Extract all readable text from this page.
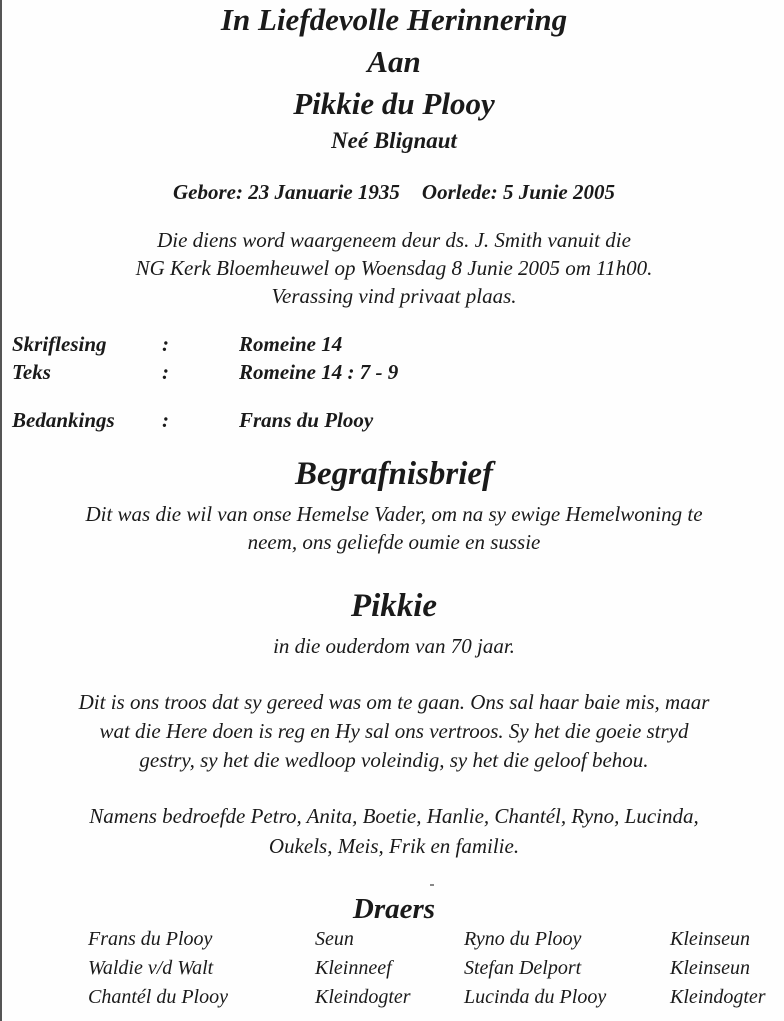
In Liefdevolle Herinnering
Aan
Pikkie du Plooy
Neé Blignaut
Gebore: 23 Januarie 1935 Oorlede: 5 Junie 2005
Die diens word waargeneem deur ds. J. Smith vanuit die
NG Kerk Bloemheuwel op Woensdag 8 Junie 2005 om 11h00.
Verassing vind privaat plaas.
Skriflesing	:	Romeine 14
Teks	:	Romeine 14 : 7 - 9
Bedankings :	Frans du Plooy
Begrafnisbrief
Dit was die wil van onse Hemelse Vader, om na sy ewige Hemelwoning te
neem, ons geliefde oumie en sussie
Pikkie
in die ouderdom van 70 jaar.
Dit is ons troos dat sy gereed was om te gaan. Ons sal haar baie mis, maar
wat die Here doen is reg en Hy sal ons vertroos. Sy het die goeie stryd
gestry, sy het die wedloop voleindig, sy het die geloof behou.
Namens bedroefde Petro, Anita, Boetie, Hanlie, Chantél, Ryno, Lucinda,
Oukels, Meis, Frik en familie.
Draers
Frans du Plooy	Seun	Ryno du Plooy	Kleinseun
Waldie v/d Walt	Kleinneef	Stefan Delport	Kleinseun
Chantél du Plooy	Kleindogter	Lucinda du Plooy	Kleindogter
